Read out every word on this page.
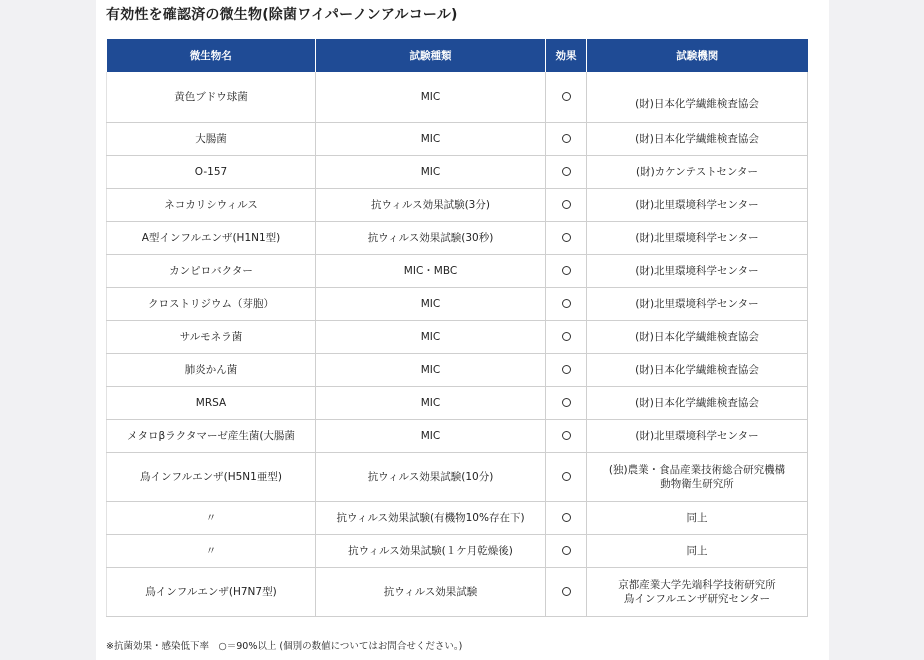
有効性を確認済の微生物(除菌ワイパーノンアルコール)
微生物名	試験種類	効果	試験機関
黄色ブドウ球菌	MIC		(財)日本化学繊維検査協会

大腸菌	MIC		(財)日本化学繊維検査協会

O-157	MIC		(財)カケンテストセンター

ネコカリシウィルス	抗ウィルス効果試験(3分)		(財)北里環境科学センター

A型インフルエンザ(H1N1型)	抗ウィルス効果試験(30秒)		(財)北里環境科学センター

カンピロバクター	MIC・MBC		(財)北里環境科学センター

クロストリジウム（芽胞）	MIC		(財)北里環境科学センター

サルモネラ菌	MIC		(財)日本化学繊維検査協会

肺炎かん菌	MIC		(財)日本化学繊維検査協会

MRSA	MIC		(財)日本化学繊維検査協会

メタロβラクタマーゼ産生菌(大腸菌	MIC		(財)北里環境科学センター

鳥インフルエンザ(H5N1亜型)	抗ウィルス効果試験(10分)		(独)農業・食品産業技術総合研究機構
動物衛生研究所

〃	抗ウィルス効果試験(有機物10%存在下)		同上

〃	抗ウィルス効果試験(１ケ月乾燥後)		同上

鳥インフルエンザ(H7N7型)	抗ウィルス効果試験		京都産業大学先端科学技術研究所
鳥インフルエンザ研究センター
※抗菌効果・感染低下率　○＝90%以上 (個別の数値についてはお問合せください。)
